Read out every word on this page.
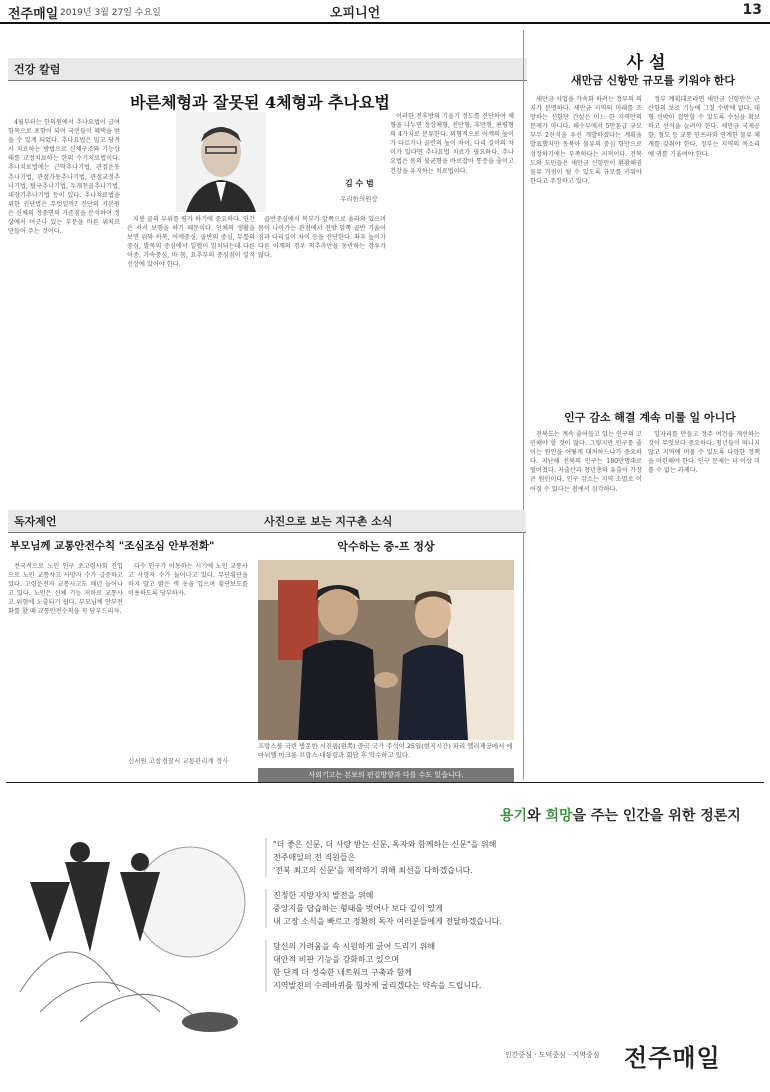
전주매일 2019년 3월 27일 수요일	오피니언	13
건강 칼럼
바른체형과 잘못된 4체형과 추나요법
김 수 범
우리한의원장

4월부터는 한의원에서 추나요법이 급여항목으로 포함이 되어 국민들이 혜택을 받을 수 있게 되었다. 추나요법은 밀고 당겨서 치료하는 방법으로 신체구조와 기능상태를 교정치료하는 한의 수기치료법이다. 추나치료법에는 근막추나기법, 관절운동추나기법, 관절가동추나기법, 관절교정추나기법, 탈구추나기법, 두개천골추나기법, 내장기추나기법 등이 있다. 추나치료법을 위한 진단법은 무엇일까? 진단의 기본원은 신체의 정중면의 기준점을 분석하여 정상에서 어긋나 있는 부분을 바른 위치로 만들어 주는 것이다.

지붕 골의 부위를 평가 하기에 중요하다. 인간은 서서 보행을 하기 때문이다. 인체의 생활을 보면 위와 하복, 어깨중심, 골반의 중심, 무릎의 중심, 발목의 중심에서 일렬이 일치되는데 다른 이중, 가속중심, 바 몸, 요추부의 중심점이 일직선상에 있어야 한다.

골반중심에서 복부가 앞쪽으로 올라와 있으며 몸이 나아가는 관점에서 전방 앞쪽 골반 기울어짐과 다리길이 차이 등을 진단한다. 좌우 높이가 다른 어깨의 경우 척추측만을 동반하는 경우가 많다.

이러한 전후방의 기울기 정도를 진단하여 체형을 나누면 정상체형, 전만형, 후만형, 편평형의 4가지로 분류한다. 외형적으로 어깨의 높이가 다르거나 골반의 높이 차이, 다리 길이의 차이가 있다면 추나요법 치료가 필요하다. 추나요법은 몸의 불균형을 바로잡아 통증을 줄이고 건강을 유지하는 치료법이다.

사 설
새만금 신항만 규모를 키워야 한다

새만금 사업을 가속화 하려는 정부의 의지가 분명하다. 새만금 지역의 미래를 조망하는 신항만 건설은 어느 한 지역만의 문제가 아니다. 해수부에서 5만톤급 규모 부두 2선석을 우선 개발하겠다는 계획을 발표했지만 동북아 물류의 중심 항만으로 성장하기에는 부족하다는 지적이다. 전북도와 도민들은 새만금 신항만이 환황해권 물류 거점이 될 수 있도록 규모를 키워야 한다고 주장하고 있다.

정부 계획대로라면 새만금 신항만은 군산항의 보조 기능에 그칠 수밖에 없다. 대형 선박이 접안할 수 있도록 수심을 확보하고 선석을 늘려야 한다. 새만금 국제공항, 철도 등 교통 인프라와 연계한 물류 체계를 갖춰야 한다. 정부는 지역의 목소리에 귀를 기울여야 한다.

인구 감소 해결 계속 미룰 일 아니다

전북도는 계속 줄어들고 있는 인구의 고민해야 할 것이 많다. 그렇지만 인구를 줄이는 원인을 어떻게 대처하느냐가 중요하다. 지난해 전북의 인구는 180만명대로 떨어졌다. 저출산과 청년층의 유출이 가장 큰 원인이다. 인구 감소는 지역 소멸로 이어질 수 있다는 점에서 심각하다.

일자리를 만들고 정주 여건을 개선하는 것이 무엇보다 중요하다. 청년들이 떠나지 않고 지역에 머물 수 있도록 다양한 정책을 마련해야 한다. 인구 문제는 더 이상 미룰 수 없는 과제다.

독자제언
부모님께 교통안전수칙 "조심조심 안부전화"

전국적으로 노인 인구 초고령사회 진입으로 노인 교통사고 사망자 수가 급증하고 있다. 고령운전자 교통사고도 매년 늘어나고 있다. 노인은 신체 기능 저하로 교통사고 위험에 노출되기 쉽다. 부모님께 안부전화를 할 때 교통안전수칙을 꼭 당부드리자.

다수 인구가 이동하는 시기에 노인 교통사고 사망자 수가 늘어나고 있다. 무단횡단을 하지 말고 밝은 색 옷을 입으며 횡단보도를 이용하도록 당부하자.

신서원 고창경찰서 교통관리계 경사
사진으로 보는 지구촌 소식
악수하는 중-프 정상
프랑스를 국빈 방문한 시진핑(왼쪽) 중국 국가 주석이 25일(현지시간) 파리 엘리제궁에서 에마뉘엘 마크롱 프랑스 대통령과 회담 후 악수하고 있다.
사외기고는 본보의 편집방향과 다를 수도 있습니다.
용기와 희망을 주는 인간을 위한 정론지

"더 좋은 신문, 더 사랑 받는 신문, 독자와 함께하는 신문"을 위해

전주매일의 전 직원들은

'전북 최고의 신문'을 제작하기 위해 최선을 다하겠습니다.

진정한 지방자치 발전을 위해

중앙지를 답습하는 형태를 벗어나 보다 깊이 있게

내 고장 소식을 빠르고 정확히 독자 여러분들에게 전달하겠습니다.

당신의 가려움을 속 시원하게 긁어 드리기 위해

대안적 비판 기능을 강화하고 있으며

한 단계 더 성숙한 네트워크 구축과 함께

지역발전의 수레바퀴를 힘차게 굴리겠다는 약속을 드립니다.

인간중심 · 도덕중심 · 지역중심 전주매일
